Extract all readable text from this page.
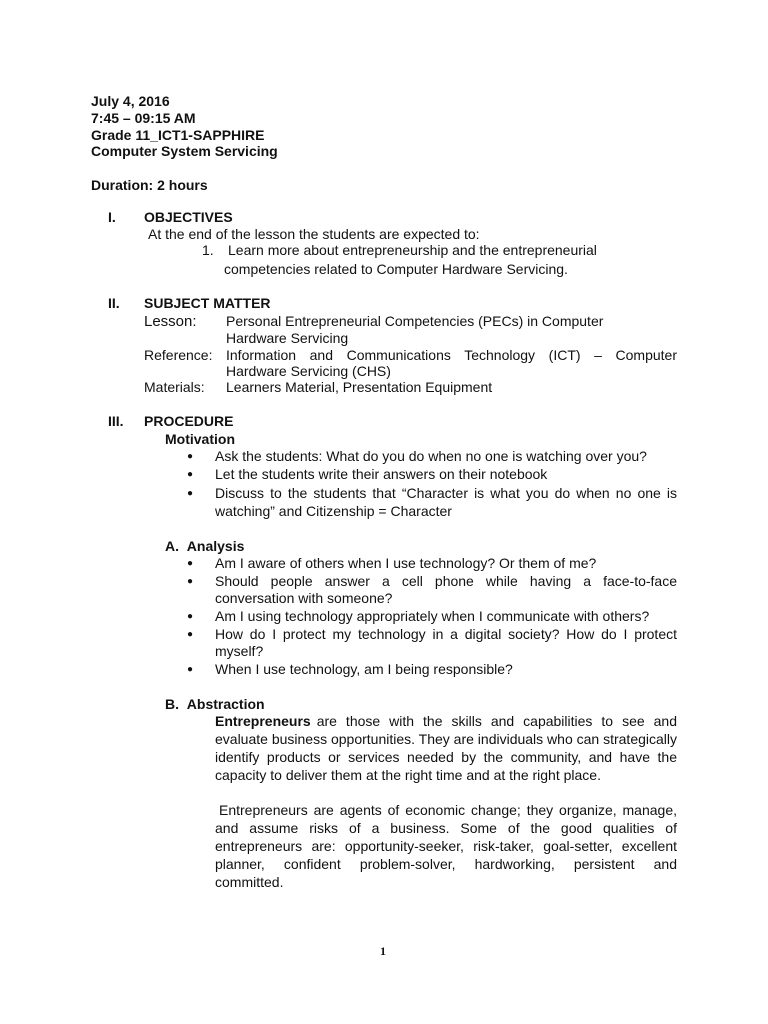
July 4, 2016
7:45 – 09:15 AM
Grade 11_ICT1-SAPPHIRE
Computer System Servicing
Duration: 2 hours
I. OBJECTIVES
At the end of the lesson the students are expected to:
1. Learn more about entrepreneurship and the entrepreneurial
competencies related to Computer Hardware Servicing.
II. SUBJECT MATTER
Lesson: Personal Entrepreneurial Competencies (PECs) in Computer
Hardware Servicing
Reference: Information and Communications Technology (ICT) – Computer
Hardware Servicing (CHS)
Materials: Learners Material, Presentation Equipment
III. PROCEDURE
Motivation
● Ask the students: What do you do when no one is watching over you?
● Let the students write their answers on their notebook
● Discuss to the students that “Character is what you do when no one is
watching” and Citizenship = Character
A.  Analysis
● Am I aware of others when I use technology? Or them of me?
● Should people answer a cell phone while having a face-to-face
conversation with someone?
● Am I using technology appropriately when I communicate with others?
● How do I protect my technology in a digital society? How do I protect
myself?
● When I use technology, am I being responsible?
B.  Abstraction
Entrepreneurs are those with the skills and capabilities to see and
evaluate business opportunities. They are individuals who can strategically
identify products or services needed by the community, and have the
capacity to deliver them at the right time and at the right place.
Entrepreneurs are agents of economic change; they organize, manage,
and assume risks of a business. Some of the good qualities of
entrepreneurs are: opportunity-seeker, risk-taker, goal-setter, excellent
planner, confident problem-solver, hardworking, persistent and
committed.
1
